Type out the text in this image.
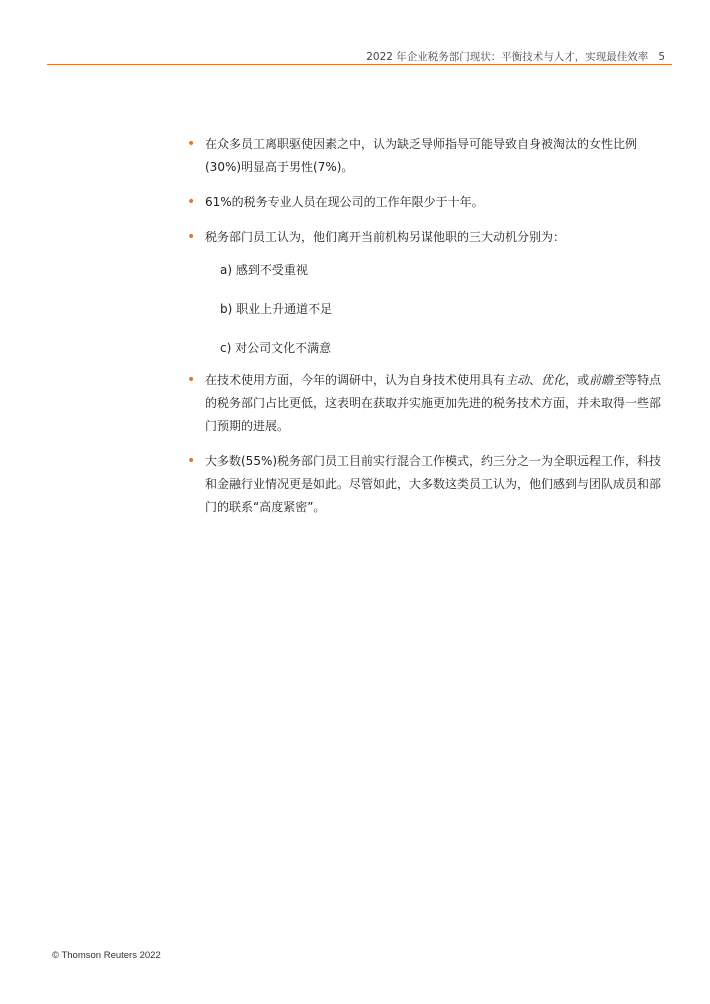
2022 年企业税务部门现状：平衡技术与人才，实现最佳效率 5
• 在众多员工离职驱使因素之中，认为缺乏导师指导可能导致自身被淘汰的女性比例(30%)明显高于男性(7%)。
• 61%的税务专业人员在现公司的工作年限少于十年。
• 税务部门员工认为，他们离开当前机构另谋他职的三大动机分别为：
a) 感到不受重视
b) 职业上升通道不足
c) 对公司文化不满意
• 在技术使用方面，今年的调研中，认为自身技术使用具有主动、优化，或前瞻至等特点的税务部门占比更低，这表明在获取并实施更加先进的税务技术方面，并未取得一些部门预期的进展。
• 大多数(55%)税务部门员工目前实行混合工作模式，约三分之一为全职远程工作，科技和金融行业情况更是如此。尽管如此，大多数这类员工认为，他们感到与团队成员和部门的联系“高度紧密”。
© Thomson Reuters 2022
